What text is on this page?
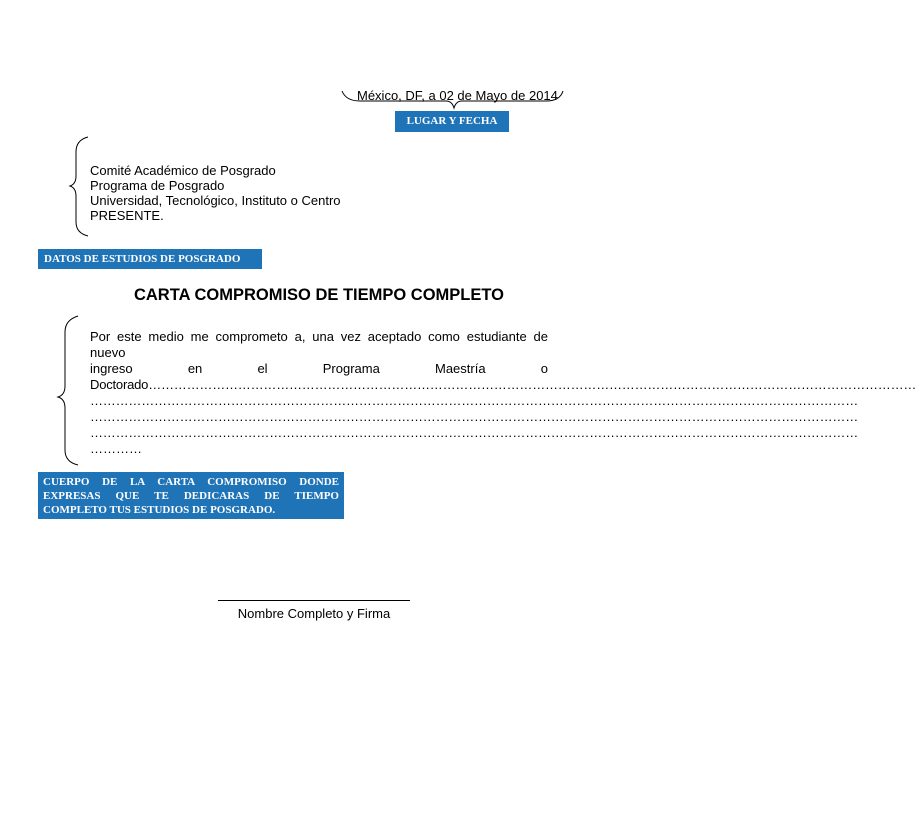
México, DF, a 02 de Mayo de 2014
LUGAR Y FECHA
Comité Académico de Posgrado
Programa de Posgrado
Universidad, Tecnológico, Instituto o Centro
PRESENTE.
DATOS DE ESTUDIOS DE POSGRADO
CARTA COMPROMISO DE TIEMPO COMPLETO
Por este medio me comprometo a, una vez aceptado como estudiante de nuevo
ingreso	en	el	Programa	Maestría	o
Doctorado………………………………………………………………………………………………………………………………………………………………
………………………………………………………………………………………………………………………………………………………………
………………………………………………………………………………………………………………………………………………………………
………………………………………………………………………………………………………………………………………………………………
…………
CUERPO DE LA CARTA COMPROMISO DONDE EXPRESAS QUE TE DEDICARAS DE TIEMPO COMPLETO TUS ESTUDIOS DE POSGRADO.
Nombre Completo y Firma
